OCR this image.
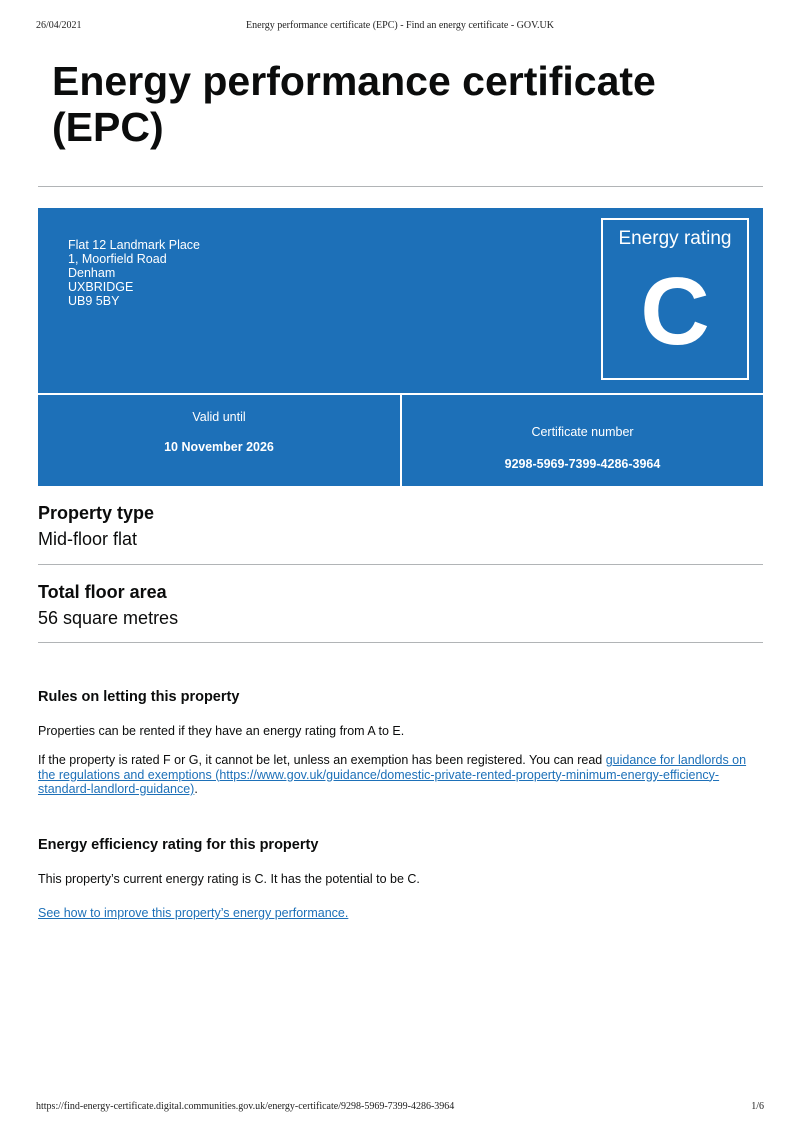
26/04/2021	Energy performance certificate (EPC) - Find an energy certificate - GOV.UK
Energy performance certificate (EPC)
Flat 12 Landmark Place
1, Moorfield Road
Denham
UXBRIDGE
UB9 5BY
Energy rating
C
Valid until
10 November 2026
Certificate number
9298-5969-7399-4286-3964
Property type
Mid-floor flat
Total floor area
56 square metres
Rules on letting this property

Properties can be rented if they have an energy rating from A to E.

If the property is rated F or G, it cannot be let, unless an exemption has been registered. You can read guidance for landlords on the regulations and exemptions (https://www.gov.uk/guidance/domestic-private-rented-property-minimum-energy-efficiency-standard-landlord-guidance).

Energy efficiency rating for this property

This property’s current energy rating is C. It has the potential to be C.

See how to improve this property’s energy performance.

https://find-energy-certificate.digital.communities.gov.uk/energy-certificate/9298-5969-7399-4286-3964	1/6
